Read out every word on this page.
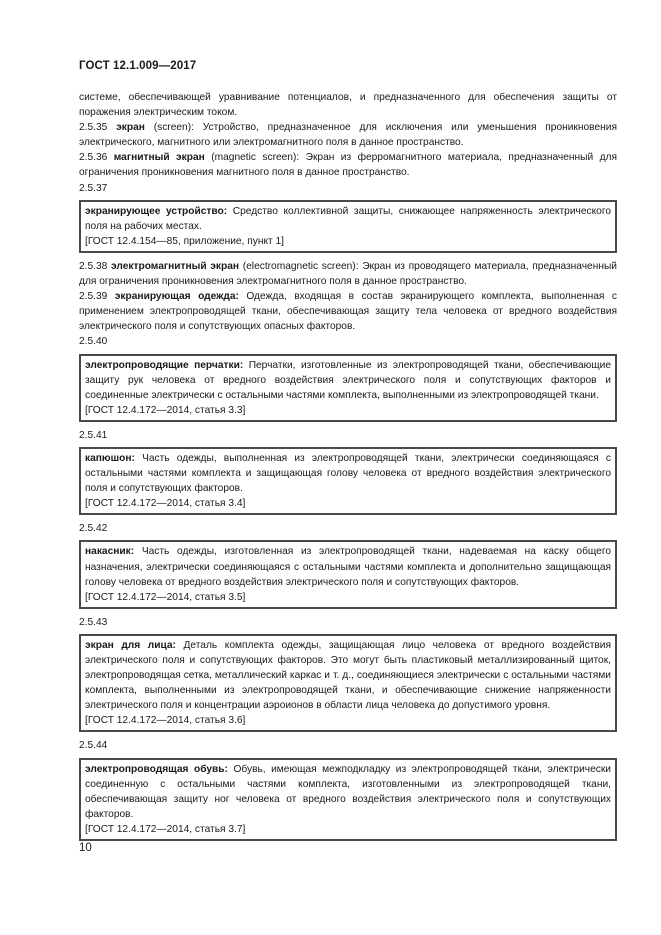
ГОСТ 12.1.009—2017

системе, обеспечивающей уравнивание потенциалов, и предназначенного для обеспечения защиты от поражения электрическим током.

2.5.35 экран (screen): Устройство, предназначенное для исключения или уменьшения проникновения электрического, магнитного или электромагнитного поля в данное пространство.

2.5.36 магнитный экран (magnetic screen): Экран из ферромагнитного материала, предназначенный для ограничения проникновения магнитного поля в данное пространство.

2.5.37

экранирующее устройство: Средство коллективной защиты, снижающее напряженность электрического поля на рабочих местах.

[ГОСТ 12.4.154—85, приложение, пункт 1]

2.5.38 электромагнитный экран (electromagnetic screen): Экран из проводящего материала, предназначенный для ограничения проникновения электромагнитного поля в данное пространство.

2.5.39 экранирующая одежда: Одежда, входящая в состав экранирующего комплекта, выполненная с применением электропроводящей ткани, обеспечивающая защиту тела человека от вредного воздействия электрического поля и сопутствующих опасных факторов.

2.5.40

электропроводящие перчатки: Перчатки, изготовленные из электропроводящей ткани, обеспечивающие защиту рук человека от вредного воздействия электрического поля и сопутствующих факторов и соединенные электрически с остальными частями комплекта, выполненными из электропроводящей ткани.

[ГОСТ 12.4.172—2014, статья 3.3]

2.5.41

капюшон: Часть одежды, выполненная из электропроводящей ткани, электрически соединяющаяся с остальными частями комплекта и защищающая голову человека от вредного воздействия электрического поля и сопутствующих факторов.

[ГОСТ 12.4.172—2014, статья 3.4]

2.5.42

накасник: Часть одежды, изготовленная из электропроводящей ткани, надеваемая на каску общего назначения, электрически соединяющаяся с остальными частями комплекта и дополнительно защищающая голову человека от вредного воздействия электрического поля и сопутствующих факторов.

[ГОСТ 12.4.172—2014, статья 3.5]

2.5.43

экран для лица: Деталь комплекта одежды, защищающая лицо человека от вредного воздействия электрического поля и сопутствующих факторов. Это могут быть пластиковый металлизированный щиток, электропроводящая сетка, металлический каркас и т. д., соединяющиеся электрически с остальными частями комплекта, выполненными из электропроводящей ткани, и обеспечивающие снижение напряженности электрического поля и концентрации аэроионов в области лица человека до допустимого уровня.

[ГОСТ 12.4.172—2014, статья 3.6]

2.5.44

электропроводящая обувь: Обувь, имеющая межподкладку из электропроводящей ткани, электрически соединенную с остальными частями комплекта, изготовленными из электропроводящей ткани, обеспечивающая защиту ног человека от вредного воздействия электрического поля и сопутствующих факторов.

[ГОСТ 12.4.172—2014, статья 3.7]

10
